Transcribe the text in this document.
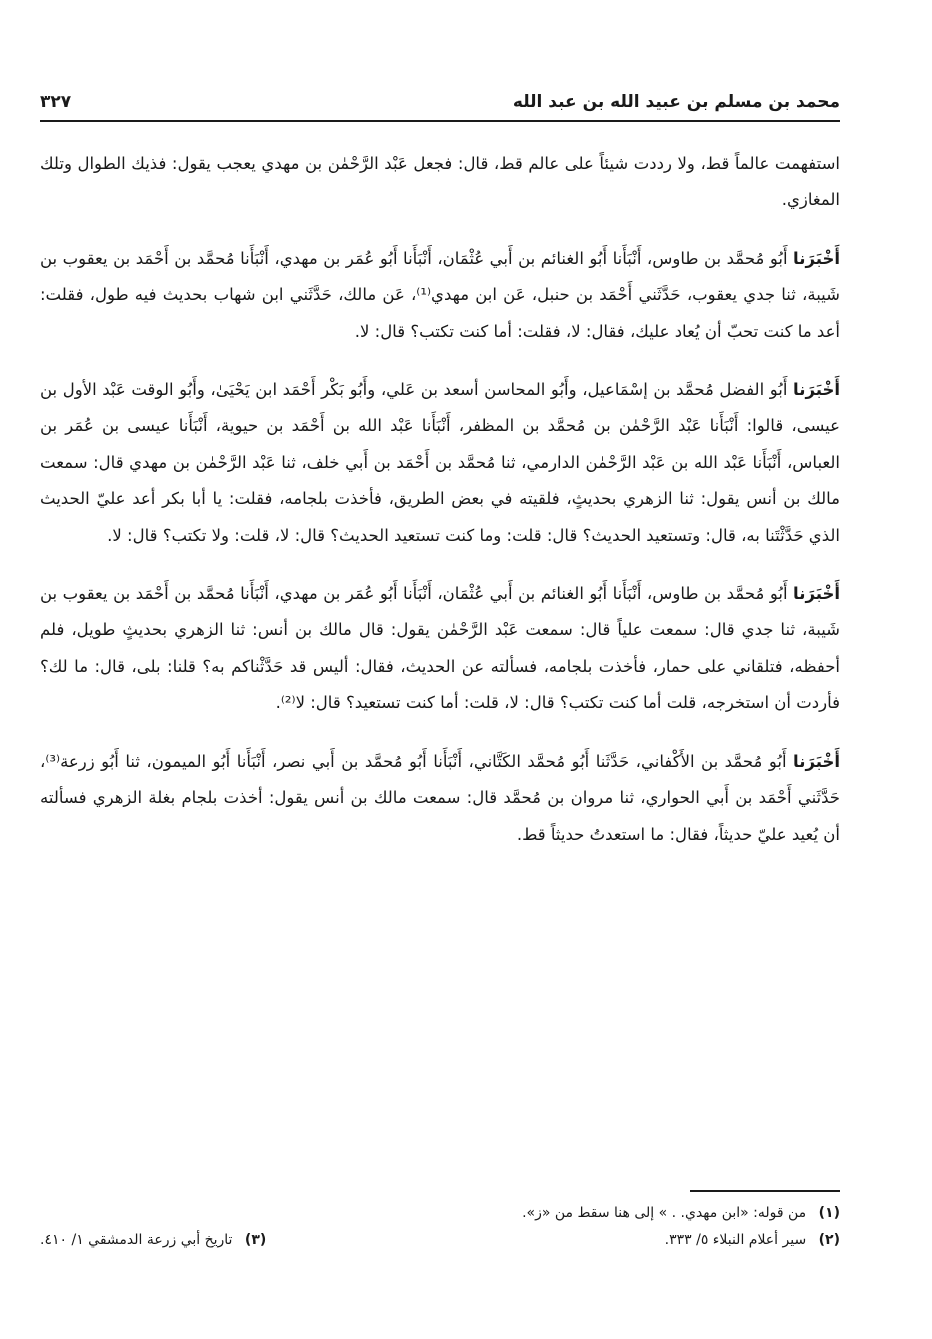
محمد بن مسلم بن عبيد الله بن عبد الله
٣٢٧

استفهمت عالماً قط، ولا رددت شيئاً على عالم قط، قال: فجعل عَبْد الرَّحْمٰن بن مهدي يعجب يقول: فذيك الطوال وتلك المغازي.

أَخْبَرَنا أَبُو مُحمَّد بن طاوس، أَنْبَأَنا أَبُو الغنائم بن أَبي عُثْمَان، أَنْبَأَنا أَبُو عُمَر بن مهدي، أَنْبَأَنا مُحمَّد بن أَحْمَد بن يعقوب بن شَيبة، ثنا جدي يعقوب، حَدَّثَني أَحْمَد بن حنبل، عَن ابن مهدي⁽¹⁾، عَن مالك، حَدَّثَني ابن شهاب بحديث فيه طول، فقلت: أعد ما كنت تحبّ أن يُعاد عليك، فقال: لا، فقلت: أما كنت تكتب؟ قال: لا.

أَخْبَرَنا أَبُو الفضل مُحمَّد بن إسْمَاعيل، وأَبُو المحاسن أسعد بن عَلي، وأَبُو بَكْر أَحْمَد ابن يَحْيَىٰ، وأَبُو الوقت عَبْد الأول بن عيسى، قالوا: أَنْبَأَنا عَبْد الرَّحْمٰن بن مُحمَّد بن المظفر، أَنْبَأَنا عَبْد الله بن أَحْمَد بن حيوية، أَنْبَأَنا عيسى بن عُمَر بن العباس، أَنْبَأَنا عَبْد الله بن عَبْد الرَّحْمٰن الدارمي، ثنا مُحمَّد بن أَحْمَد بن أَبي خلف، ثنا عَبْد الرَّحْمٰن بن مهدي قال: سمعت مالك بن أنس يقول: ثنا الزهري بحديثٍ، فلقيته في بعض الطريق، فأخذت بلجامه، فقلت: يا أبا بكر أعد عليّ الحديث الذي حَدَّثْتَنا به، قال: وتستعيد الحديث؟ قال: قلت: وما كنت تستعيد الحديث؟ قال: لا، قلت: ولا تكتب؟ قال: لا.

أَخْبَرَنا أَبُو مُحمَّد بن طاوس، أَنْبَأَنا أَبُو الغنائم بن أَبي عُثْمَان، أَنْبَأَنا أَبُو عُمَر بن مهدي، أَنْبَأَنا مُحمَّد بن أَحْمَد بن يعقوب بن شَيبة، ثنا جدي قال: سمعت علياً قال: سمعت عَبْد الرَّحْمٰن يقول: قال مالك بن أنس: ثنا الزهري بحديثٍ طويل، فلم أحفظه، فتلقاني على حمار، فأخذت بلجامه، فسألته عن الحديث، فقال: أليس قد حَدَّثْناكم به؟ قلنا: بلى، قال: ما لك؟ فأردت أن استخرجه، قلت أما كنت تكتب؟ قال: لا، قلت: أما كنت تستعيد؟ قال: لا⁽²⁾.

أَخْبَرَنا أَبُو مُحمَّد بن الأَكْفاني، حَدَّثَنا أَبُو مُحمَّد الكَتَّاني، أَنْبَأَنا أَبُو مُحمَّد بن أَبي نصر، أَنْبَأَنا أَبُو الميمون، ثنا أَبُو زرعة⁽³⁾، حَدَّثَني أَحْمَد بن أَبي الحواري، ثنا مروان بن مُحمَّد قال: سمعت مالك بن أنس يقول: أخذت بلجام بغلة الزهري فسألته أن يُعيد عليّ حديثاً، فقال: ما استعدتُ حديثاً قط.

(١) من قوله: «ابن مهدي. . » إلى هنا سقط من «ز».
(٢) سير أعلام النبلاء ٥/ ٣٣٣.
(٣) تاريخ أبي زرعة الدمشقي ١/ ٤١٠.
